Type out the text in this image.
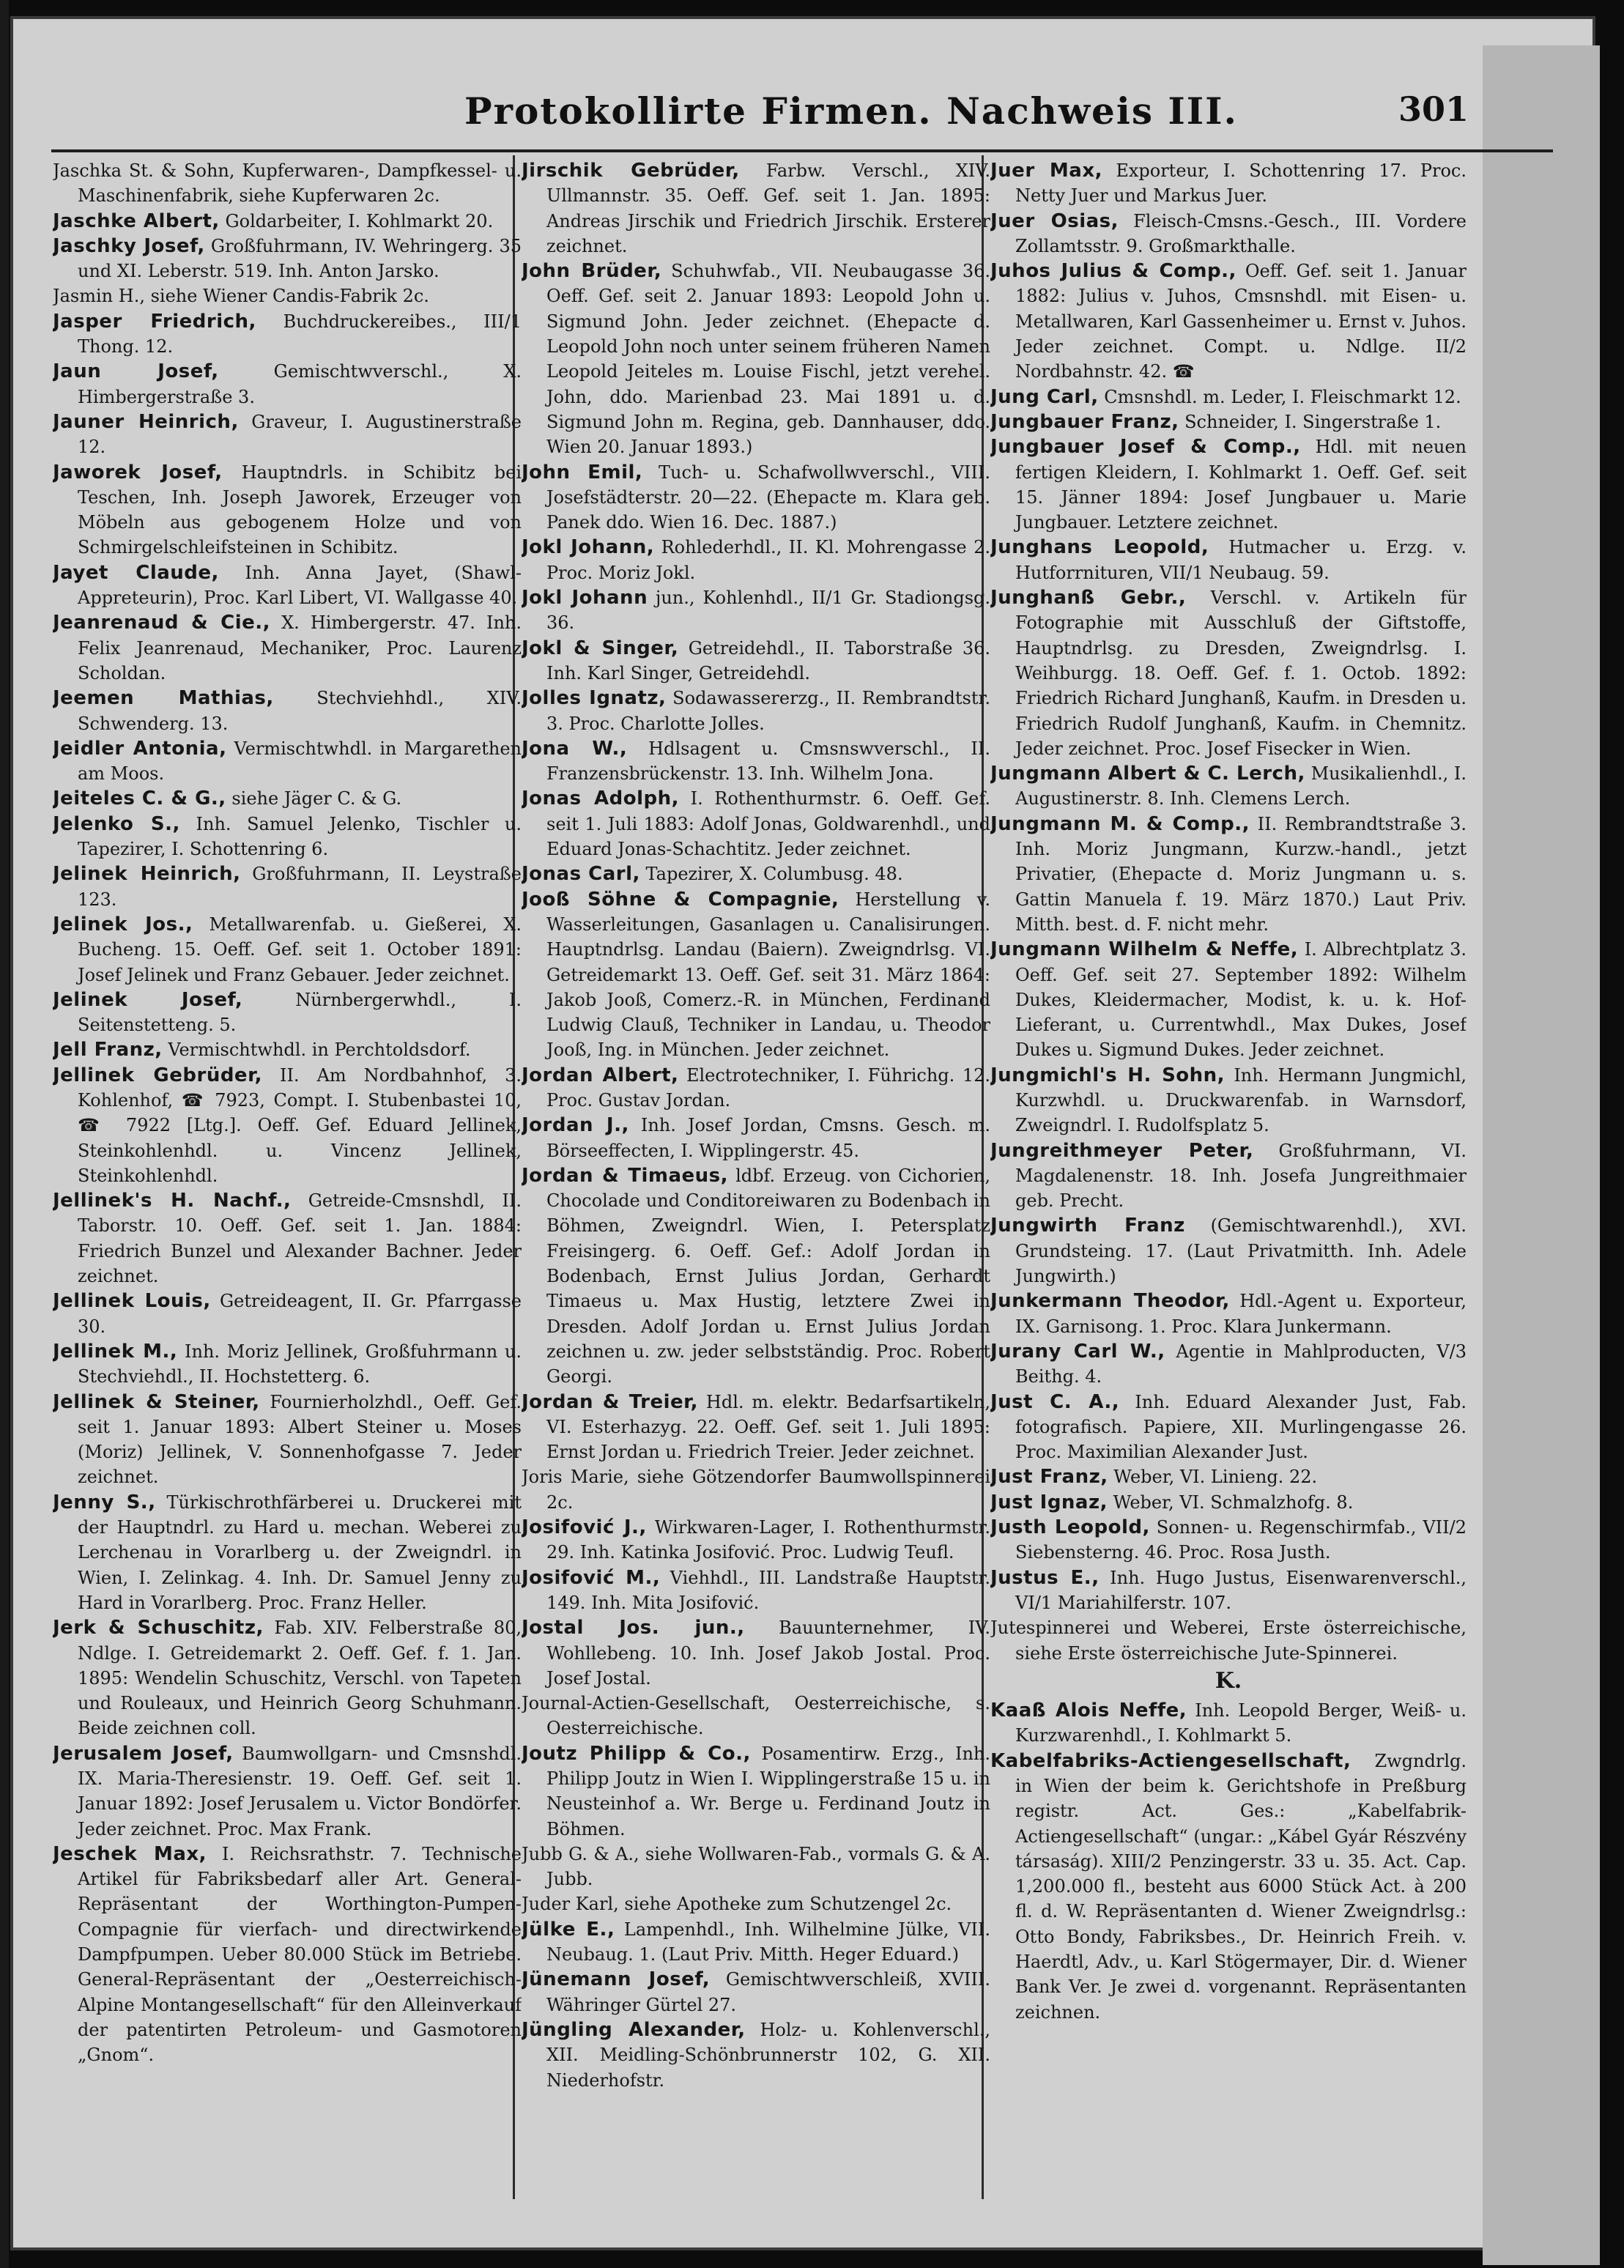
Protokollirte Firmen. Nachweis III.	301

Jaschka St. & Sohn, Kupferwaren-, Dampfkessel- u. Maschinenfabrik, siehe Kupferwaren 2c.

Jaschke Albert, Goldarbeiter, I. Kohlmarkt 20.

Jaschky Josef, Großfuhrmann, IV. Wehringerg. 35 und XI. Leberstr. 519. Inh. Anton Jarsko.

Jasmin H., siehe Wiener Candis-Fabrik 2c.

Jasper Friedrich, Buchdruckereibes., III/1 Thong. 12.

Jaun Josef,	Gemischtwverschl., X. Himbergerstraße 3.

Jauner Heinrich, Graveur, I. Augustinerstraße 12.

Jaworek Josef, Hauptndrls. in Schibitz bei Teschen, Inh. Joseph Jaworek, Erzeuger von Möbeln aus gebogenem Holze und von Schmirgelschleifsteinen in Schibitz.

Jayet Claude, Inh. Anna Jayet, (Shawl-Appreteurin), Proc. Karl Libert, VI. Wallgasse 40.

Jeanrenaud & Cie., X. Himbergerstr. 47. Inh. Felix Jeanrenaud, Mechaniker, Proc. Laurenz Scholdan.

Jeemen Mathias, Stechviehhdl., XIV. Schwenderg. 13.

Jeidler Antonia, Vermischtwhdl. in Margarethen am Moos.

Jeiteles C. & G., siehe Jäger C. & G.

Jelenko S., Inh. Samuel Jelenko, Tischler u. Tapezirer, I. Schottenring 6.

Jelinek Heinrich, Großfuhrmann, II. Leystraße 123.

Jelinek Jos., Metallwarenfab. u. Gießerei, X. Bucheng. 15. Oeff. Gef. seit 1. October 1891: Josef Jelinek und Franz Gebauer. Jeder zeichnet.

Jelinek Josef,	Nürnbergerwhdl., I. Seitenstetteng. 5.

Jell Franz, Vermischtwhdl. in Perchtoldsdorf.

Jellinek Gebrüder, II. Am Nordbahnhof, 3. Kohlenhof, ☎ 7923, Compt. I. Stubenbastei 10, ☎ 7922 [Ltg.]. Oeff. Gef. Eduard Jellinek, Steinkohlenhdl. u. Vincenz Jellinek, Steinkohlenhdl.

Jellinek's H. Nachf., Getreide-Cmsnshdl, II. Taborstr. 10. Oeff. Gef. seit 1. Jan. 1884: Friedrich Bunzel und Alexander Bachner. Jeder zeichnet.

Jellinek Louis, Getreideagent, II. Gr. Pfarrgasse 30.

Jellinek M., Inh. Moriz Jellinek, Großfuhrmann u. Stechviehdl., II. Hochstetterg. 6.

Jellinek & Steiner, Fournierholzhdl., Oeff. Gef. seit 1. Januar 1893: Albert Steiner u. Moses (Moriz) Jellinek, V. Sonnenhofgasse 7. Jeder zeichnet.

Jenny S., Türkischrothfärberei u. Druckerei mit der Hauptndrl. zu Hard u. mechan. Weberei zu Lerchenau in Vorarlberg u. der Zweigndrl. in Wien, I. Zelinkag. 4. Inh. Dr. Samuel Jenny zu Hard in Vorarlberg. Proc. Franz Heller.

Jerk & Schuschitz, Fab. XIV. Felberstraße 80, Ndlge. I. Getreidemarkt 2. Oeff. Gef. f. 1. Jan. 1895: Wendelin Schuschitz, Verschl. von Tapeten und Rouleaux, und Heinrich Georg Schuhmann. Beide zeichnen coll.

Jerusalem Josef, Baumwollgarn- und Cmsnshdl. IX. Maria-Theresienstr. 19. Oeff. Gef. seit 1. Januar 1892: Josef Jerusalem u. Victor Bondörfer. Jeder zeichnet. Proc. Max Frank.

Jeschek Max, I. Reichsrathstr. 7. Technische Artikel für Fabriksbedarf aller Art. General-Repräsentant der Worthington-Pumpen-Compagnie für vierfach- und directwirkende Dampfpumpen. Ueber 80.000 Stück im Betriebe. General-Repräsentant der „Oesterreichisch-Alpine Montangesellschaft“ für den Alleinverkauf der patentirten Petroleum- und Gasmotoren „Gnom“.

Jirschik Gebrüder, Farbw. Verschl., XIV. Ullmannstr. 35. Oeff. Gef. seit 1. Jan. 1895: Andreas Jirschik und Friedrich Jirschik. Ersterer zeichnet.

John Brüder, Schuhwfab., VII. Neubaugasse 36. Oeff. Gef. seit 2. Januar 1893: Leopold John u. Sigmund John. Jeder zeichnet. (Ehepacte d. Leopold John noch unter seinem früheren Namen Leopold Jeiteles m. Louise Fischl, jetzt verehel. John, ddo. Marienbad 23. Mai 1891 u. d. Sigmund John m. Regina, geb. Dannhauser, ddo. Wien 20. Januar 1893.)

John Emil, Tuch- u. Schafwollwverschl., VIII. Josefstädterstr. 20—22. (Ehepacte m. Klara geb. Panek ddo. Wien 16. Dec. 1887.)

Jokl Johann, Rohlederhdl., II. Kl. Mohrengasse 2. Proc. Moriz Jokl.

Jokl Johann jun., Kohlenhdl., II/1 Gr. Stadiongsg. 36.

Jokl & Singer, Getreidehdl., II. Taborstraße 36. Inh. Karl Singer, Getreidehdl.

Jolles Ignatz, Sodawassererzg., II. Rembrandtstr. 3. Proc. Charlotte Jolles.

Jona W., Hdlsagent u. Cmsnswverschl., II. Franzensbrückenstr. 13. Inh. Wilhelm Jona.

Jonas Adolph, I. Rothenthurmstr. 6. Oeff. Gef. seit 1. Juli 1883: Adolf Jonas, Goldwarenhdl., und Eduard Jonas-Schachtitz. Jeder zeichnet.

Jonas Carl, Tapezirer, X. Columbusg. 48.

Jooß Söhne & Compagnie, Herstellung v. Wasserleitungen, Gasanlagen u. Canalisirungen. Hauptndrlsg. Landau (Baiern). Zweigndrlsg. VI. Getreidemarkt 13. Oeff. Gef. seit 31. März 1864: Jakob Jooß, Comerz.-R. in München, Ferdinand Ludwig Clauß, Techniker in Landau, u. Theodor Jooß, Ing. in München. Jeder zeichnet.

Jordan Albert, Electrotechniker, I. Führichg. 12. Proc. Gustav Jordan.

Jordan J., Inh. Josef Jordan, Cmsns. Gesch. m. Börseeffecten, I. Wipplingerstr. 45.

Jordan & Timaeus, ldbf. Erzeug. von Cichorien, Chocolade und Conditoreiwaren zu Bodenbach in Böhmen, Zweigndrl. Wien, I. Petersplatz Freisingerg. 6. Oeff. Gef.: Adolf Jordan in Bodenbach, Ernst Julius Jordan, Gerhardt Timaeus u. Max Hustig, letztere Zwei in Dresden. Adolf Jordan u. Ernst Julius Jordan zeichnen u. zw. jeder selbstständig. Proc. Robert Georgi.

Jordan & Treier, Hdl. m. elektr. Bedarfsartikeln, VI. Esterhazyg. 22. Oeff. Gef. seit 1. Juli 1895: Ernst Jordan u. Friedrich Treier. Jeder zeichnet.

Joris Marie, siehe Götzendorfer Baumwollspinnerei 2c.

Josifović J., Wirkwaren-Lager, I. Rothenthurmstr. 29. Inh. Katinka Josifović. Proc. Ludwig Teufl.

Josifović M., Viehhdl., III. Landstraße Hauptstr. 149. Inh. Mita Josifović.

Jostal Jos. jun., Bauunternehmer, IV. Wohllebeng. 10. Inh. Josef Jakob Jostal. Proc. Josef Jostal.

Journal-Actien-Gesellschaft, Oesterreichische, s. Oesterreichische.

Joutz Philipp & Co., Posamentirw. Erzg., Inh. Philipp Joutz in Wien I. Wipplingerstraße 15 u. in Neusteinhof a. Wr. Berge u. Ferdinand Joutz in Böhmen.

Jubb G. & A., siehe Wollwaren-Fab., vormals G. & A. Jubb.

Juder Karl, siehe Apotheke zum Schutzengel 2c.

Jülke E., Lampenhdl., Inh. Wilhelmine Jülke, VII. Neubaug. 1. (Laut Priv. Mitth. Heger Eduard.)

Jünemann Josef, Gemischtwverschleiß, XVIII. Währinger Gürtel 27.

Jüngling Alexander, Holz- u. Kohlenverschl., XII. Meidling-Schönbrunnerstr 102, G. XII. Niederhofstr.

Juer Max, Exporteur, I. Schottenring 17. Proc. Netty Juer und Markus Juer.

Juer Osias, Fleisch-Cmsns.-Gesch., III. Vordere Zollamtsstr. 9. Großmarkthalle.

Juhos Julius & Comp., Oeff. Gef. seit 1. Januar 1882: Julius v. Juhos, Cmsnshdl. mit Eisen- u. Metallwaren, Karl Gassenheimer u. Ernst v. Juhos. Jeder zeichnet. Compt. u. Ndlge. II/2 Nordbahnstr. 42. ☎

Jung Carl, Cmsnshdl. m. Leder, I. Fleischmarkt 12.

Jungbauer Franz, Schneider, I. Singerstraße 1.

Jungbauer Josef & Comp., Hdl. mit neuen fertigen Kleidern, I. Kohlmarkt 1. Oeff. Gef. seit 15. Jänner 1894: Josef Jungbauer u. Marie Jungbauer. Letztere zeichnet.

Junghans Leopold, Hutmacher u. Erzg. v. Hutforrnituren, VII/1 Neubaug. 59.

Junghanß Gebr., Verschl. v. Artikeln für Fotographie mit Ausschluß der Giftstoffe, Hauptndrlsg. zu Dresden, Zweigndrlsg. I. Weihburgg. 18. Oeff. Gef. f. 1. Octob. 1892: Friedrich Richard Junghanß, Kaufm. in Dresden u. Friedrich Rudolf Junghanß, Kaufm. in Chemnitz. Jeder zeichnet. Proc. Josef Fisecker in Wien.

Jungmann Albert & C. Lerch, Musikalienhdl., I. Augustinerstr. 8. Inh. Clemens Lerch.

Jungmann M. & Comp., II. Rembrandtstraße 3. Inh. Moriz Jungmann, Kurzw.-handl., jetzt Privatier, (Ehepacte d. Moriz Jungmann u. s. Gattin Manuela f. 19. März 1870.) Laut Priv. Mitth. best. d. F. nicht mehr.

Jungmann Wilhelm & Neffe, I. Albrechtplatz 3. Oeff. Gef. seit 27. September 1892: Wilhelm Dukes, Kleidermacher, Modist, k. u. k. Hof-Lieferant, u. Currentwhdl., Max Dukes, Josef Dukes u. Sigmund Dukes. Jeder zeichnet.

Jungmichl's H. Sohn, Inh. Hermann Jungmichl, Kurzwhdl. u. Druckwarenfab. in Warnsdorf, Zweigndrl. I. Rudolfsplatz 5.

Jungreithmeyer Peter, Großfuhrmann, VI. Magdalenenstr. 18. Inh. Josefa Jungreithmaier geb. Precht.

Jungwirth Franz (Gemischtwarenhdl.), XVI. Grundsteing. 17. (Laut Privatmitth. Inh. Adele Jungwirth.)

Junkermann Theodor, Hdl.-Agent u. Exporteur, IX. Garnisong. 1. Proc. Klara Junkermann.

Jurany Carl W., Agentie in Mahlproducten, V/3 Beithg. 4.

Just C. A., Inh. Eduard Alexander Just, Fab. fotografisch. Papiere, XII. Murlingengasse 26. Proc. Maximilian Alexander Just.

Just Franz, Weber, VI. Linieng. 22.

Just Ignaz, Weber, VI. Schmalzhofg. 8.

Justh Leopold, Sonnen- u. Regenschirmfab., VII/2 Siebensterng. 46. Proc. Rosa Justh.

Justus E., Inh. Hugo Justus, Eisenwarenverschl., VI/1 Mariahilferstr. 107.

Jutespinnerei und Weberei, Erste österreichische, siehe Erste österreichische Jute-Spinnerei.

K.

Kaaß Alois Neffe, Inh. Leopold Berger, Weiß- u. Kurzwarenhdl., I. Kohlmarkt 5.

Kabelfabriks-Actiengesellschaft, Zwgndrlg. in Wien der beim k. Gerichtshofe in Preßburg registr. Act. Ges.: „Kabelfabrik-Actiengesellschaft“ (ungar.: „Kábel Gyár Részvény társaság). XIII/2 Penzingerstr. 33 u. 35. Act. Cap. 1,200.000 fl., besteht aus 6000 Stück Act. à 200 fl. d. W. Repräsentanten d. Wiener Zweigndrlsg.: Otto Bondy, Fabriksbes., Dr. Heinrich Freih. v. Haerdtl, Adv., u. Karl Stögermayer, Dir. d. Wiener Bank Ver. Je zwei d. vorgenannt. Repräsentanten zeichnen.
